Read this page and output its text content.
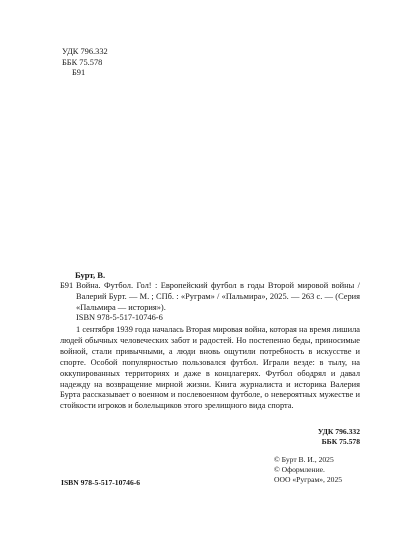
УДК 796.332
ББК 75.578
Б91
Бурт, В.
Б91 Война. Футбол. Гол! : Европейский футбол в годы Второй мировой войны / Валерий Бурт. — М. ; СПб. : «Руграм» / «Пальмира», 2025. — 263 с. — (Серия «Пальмира — история»).
ISBN 978-5-517-10746-6
1 сентября 1939 года началась Вторая мировая война, которая на время лишила людей обычных человеческих забот и радостей. Но постепенно беды, приносимые войной, стали привычными, а люди вновь ощутили потребность в искусстве и спорте. Особой популярностью пользовался футбол. Играли везде: в тылу, на оккупированных территориях и даже в концлагерях. Футбол ободрял и давал надежду на возвращение мирной жизни. Книга журналиста и историка Валерия Бурта рассказывает о военном и послевоенном футболе, о невероятных мужестве и стойкости игроков и болельщиков этого зрелищного вида спорта.
УДК 796.332
ББК 75.578
© Бурт В. И., 2025
© Оформление.
ООО «Руграм», 2025
ISBN 978-5-517-10746-6
